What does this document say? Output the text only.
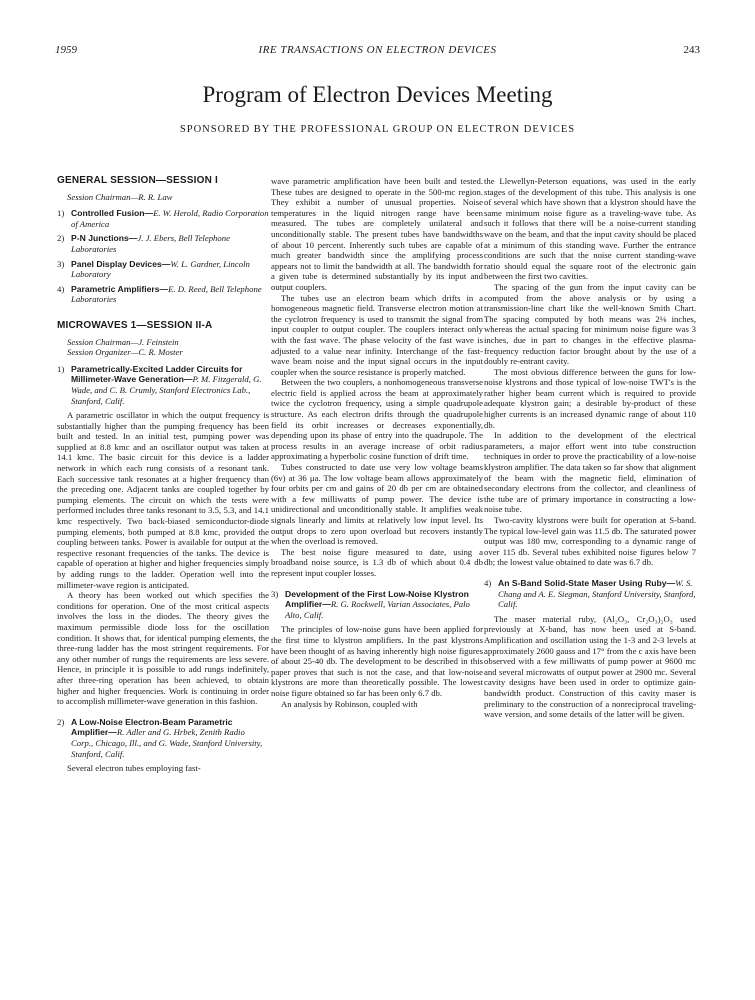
1959	IRE TRANSACTIONS ON ELECTRON DEVICES	243
Program of Electron Devices Meeting
SPONSORED BY THE PROFESSIONAL GROUP ON ELECTRON DEVICES
GENERAL SESSION—SESSION I
Session Chairman—R. R. Law
1) Controlled Fusion—E. W. Herold, Radio Corporation of America
2) P-N Junctions—J. J. Ebers, Bell Telephone Laboratories
3) Panel Display Devices—W. L. Gardner, Lincoln Laboratory
4) Parametric Amplifiers—E. D. Reed, Bell Telephone Laboratories
MICROWAVES 1—SESSION II-A
Session Chairman—J. Feinstein
Session Organizer—C. R. Moster
1) Parametrically-Excited Ladder Circuits for Millimeter-Wave Generation—P. M. Fitzgerald, G. Wade, and C. B. Crumly, Stanford Electronics Lab., Stanford, Calif.

A parametric oscillator in which the output frequency is substantially higher than the pumping frequency has been built and tested. In an initial test, pumping power was supplied at 8.8 kmc and an oscillator output was taken at 14.1 kmc. The basic circuit for this device is a ladder network in which each rung consists of a resonant tank. Each successive tank resonates at a higher frequency than the preceding one. Adjacent tanks are coupled together by pumping elements. The circuit on which the tests were performed includes three tanks resonant to 3.5, 5.3, and 14.1 kmc respectively. Two back-biased semiconductor-diode pumping elements, both pumped at 8.8 kmc, provided the coupling between tanks. Power is available for output at the respective resonant frequencies of the tanks. The device is capable of operation at higher and higher frequencies simply by adding rungs to the ladder. Operation well into the millimeter-wave region is anticipated.

A theory has been worked out which specifies the conditions for operation. One of the most critical aspects involves the loss in the diodes. The theory gives the maximum permissible diode loss for the oscillation condition. It shows that, for identical pumping elements, the three-rung ladder has the most stringent requirements. For any other number of rungs the requirements are less severe. Hence, in principle it is possible to add rungs indefinitely, after three-ring operation has been achieved, to obtain higher and higher frequencies. Work is continuing in order to accomplish millimeter-wave generation in this fashion.

2) A Low-Noise Electron-Beam Parametric Amplifier—R. Adler and G. Hrbek, Zenith Radio Corp., Chicago, Ill., and G. Wade, Stanford University, Stanford, Calif.

Several electron tubes employing fast-

wave parametric amplification have been built and tested. These tubes are designed to operate in the 500-mc region. They exhibit a number of unusual properties. Noise temperatures in the liquid nitrogen range have been measured. The tubes are completely unilateral and unconditionally stable. The present tubes have bandwidths of about 10 percent. Inherently such tubes are capable of much greater bandwidth since the amplifying process appears not to limit the bandwidth at all. The bandwidth for a given tube is determined substantially by its input and output couplers.

The tubes use an electron beam which drifts in a homogeneous magnetic field. Transverse electron motion at the cyclotron frequency is used to transmit the signal from input coupler to output coupler. The couplers interact only with the fast wave. The phase velocity of the fast wave is adjusted to a value near infinity. Interchange of the fast-wave beam noise and the input signal occurs in the input coupler when the source resistance is properly matched.

Between the two couplers, a nonhomogeneous transverse electric field is applied across the beam at approximately twice the cyclotron frequency, using a simple quadrupole structure. As each electron drifts through the quadrupole field its orbit increases or decreases exponentially, depending upon its phase of entry into the quadrupole. The process results in an average increase of orbit radius approximating a hyperbolic cosine function of drift time.

Tubes constructed to date use very low voltage beams (6v) at 36 μa. The low voltage beam allows approximately four orbits per cm and gains of 20 db per cm are obtained with a few milliwatts of pump power. The device is unidirectional and unconditionally stable. It amplifies weak signals linearly and limits at relatively low input level. Its output drops to zero upon overload but recovers instantly when the overload is removed.

The best noise figure measured to date, using a broadband noise source, is 1.3 db of which about 0.4 db represent input coupler losses.

3) Development of the First Low-Noise Klystron Amplifier—R. G. Rockwell, Varian Associates, Palo Alto, Calif.

The principles of low-noise guns have been applied for the first time to klystron amplifiers. In the past klystrons have been thought of as having inherently high noise figures of about 25-40 db. The development to be described in this paper proves that such is not the case, and that low-noise klystrons are more than theoretically possible. The lowest noise figure obtained so far has been only 6.7 db.

An analysis by Robinson, coupled with

the Llewellyn-Peterson equations, was used in the early stages of the development of this tube. This analysis is one of several which have shown that a klystron should have the same minimum noise figure as a traveling-wave tube. As such it follows that there will be a noise-current standing wave on the beam, and that the input cavity should be placed at a minimum of this standing wave. Further the entrance conditions are such that the noise current standing-wave ratio should equal the square root of the electronic gain between the first two cavities.

The spacing of the gun from the input cavity can be computed from the above analysis or by using a transmission-line chart like the well-known Smith Chart. The spacing computed by both means was 2⅛ inches, whereas the actual spacing for minimum noise figure was 3 inches, due in part to changes in the effective plasma-frequency reduction factor brought about by the use of a doubly re-entrant cavity.

The most obvious difference between the guns for low-noise klystrons and those typical of low-noise TWT's is the rather higher beam current which is required to provide adequate klystron gain; a desirable by-product of these higher currents is an increased dynamic range of about 110 db.

In addition to the development of the electrical parameters, a major effort went into tube construction techniques in order to prove the practicability of a low-noise klystron amplifier. The data taken so far show that alignment of the beam with the magnetic field, elimination of secondary electrons from the collector, and cleanliness of the tube are of primary importance in constructing a low-noise tube.

Two-cavity klystrons were built for operation at S-band. The typical low-level gain was 11.5 db. The saturated power output was 180 mw, corresponding to a dynamic range of over 115 db. Several tubes exhibited noise figures below 7 db; the lowest value obtained to date was 6.7 db.

4) An S-Band Solid-State Maser Using Ruby—W. S. Chang and A. E. Siegman, Stanford University, Stanford, Calif.

The maser material ruby, (Al₂O₃, Cr₂O₃)₂O₃ used previously at X-band, has now been used at S-band. Amplification and oscillation using the 1-3 and 2-3 levels at approximately 2600 gauss and 17° from the c axis have been observed with a few milliwatts of pump power at 9600 mc and several microwatts of output power at 2900 mc. Several cavity designs have been used in order to optimize gain-bandwidth product. Construction of this cavity maser is preliminary to the construction of a nonreciprocal traveling-wave version, and some details of the latter will be given.
